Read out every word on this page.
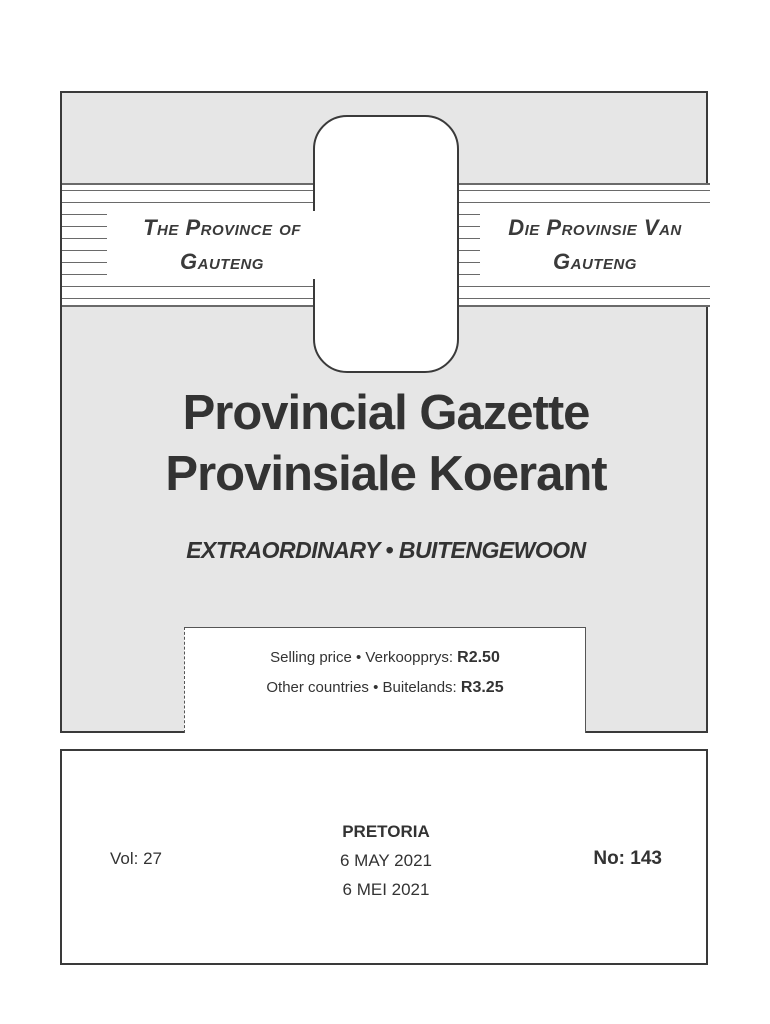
The Province of
Gauteng
Die Provinsie Van
Gauteng
Provincial Gazette
Provinsiale Koerant
EXTRAORDINARY • BUITENGEWOON
Selling price • Verkoopprys: R2.50
Other countries • Buitelands: R3.25
Vol: 27
PRETORIA
6 MAY 2021
6 MEI 2021
No: 143
